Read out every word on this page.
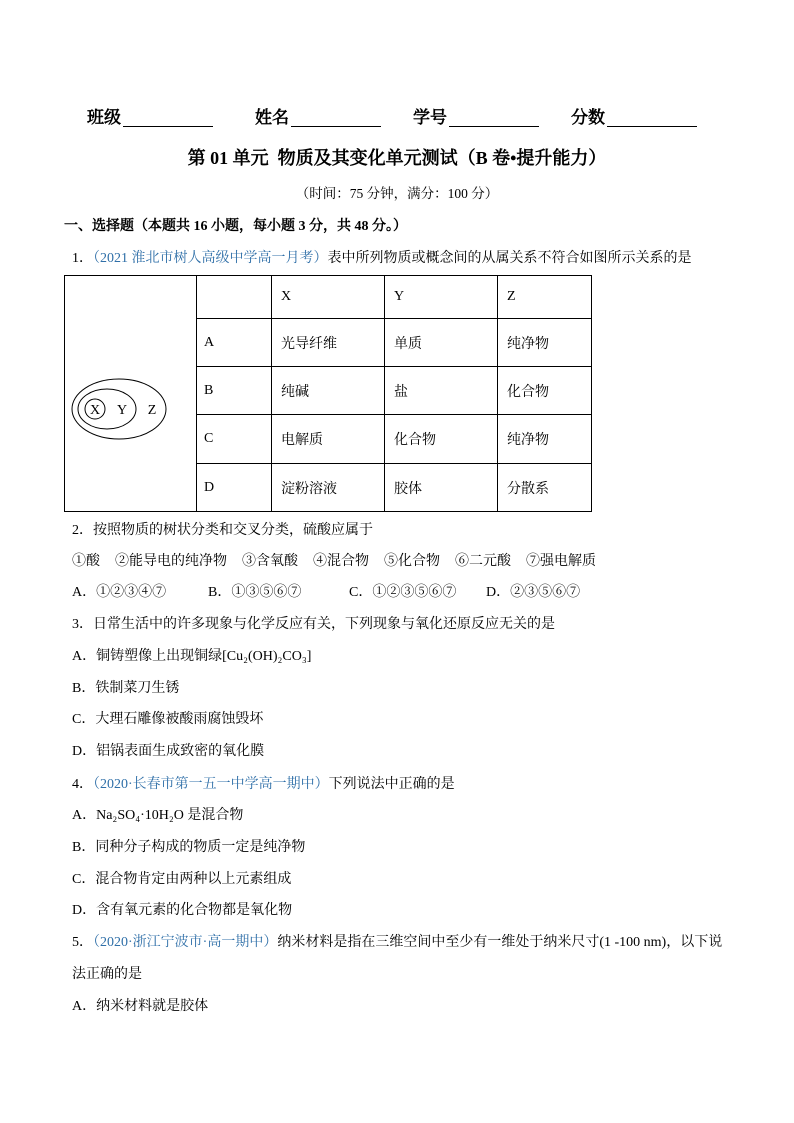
班级	姓名	学号	分数
第 01 单元  物质及其变化单元测试（B 卷•提升能力）
（时间：75 分钟，满分：100 分）
一、选择题（本题共 16 小题，每小题 3 分，共 48 分。）
1．（2021 淮北市树人高级中学高一月考）表中所列物质或概念间的从属关系不符合如图所示关系的是
		X	Y	Z
	A	光导纤维	单质	纯净物
	B	纯碱	盐	化合物
	C	电解质	化合物	纯净物
	D	淀粉溶液	胶体	分散系
X Y Z
2．按照物质的树状分类和交叉分类，硫酸应属于
①酸 ②能导电的纯净物 ③含氧酸 ④混合物 ⑤化合物 ⑥二元酸 ⑦强电解质

A．①②③④⑦

	B．①③⑤⑥⑦

	C．①②③⑤⑥⑦

D．②③⑤⑥⑦

3．日常生活中的许多现象与化学反应有关，下列现象与氧化还原反应无关的是
A．铜铸塑像上出现铜绿[Cu₂(OH)₂CO₃]
B．铁制菜刀生锈
C．大理石雕像被酸雨腐蚀毁坏
D．铝锅表面生成致密的氧化膜
4．（2020·长春市第一五一中学高一期中）下列说法中正确的是
A．Na₂SO₄·10H₂O 是混合物
B．同种分子构成的物质一定是纯净物
C．混合物肯定由两种以上元素组成
D．含有氧元素的化合物都是氧化物
5．（2020·浙江宁波市·高一期中）纳米材料是指在三维空间中至少有一维处于纳米尺寸(1 -100 nm)，以下说
法正确的是
A．纳米材料就是胶体
